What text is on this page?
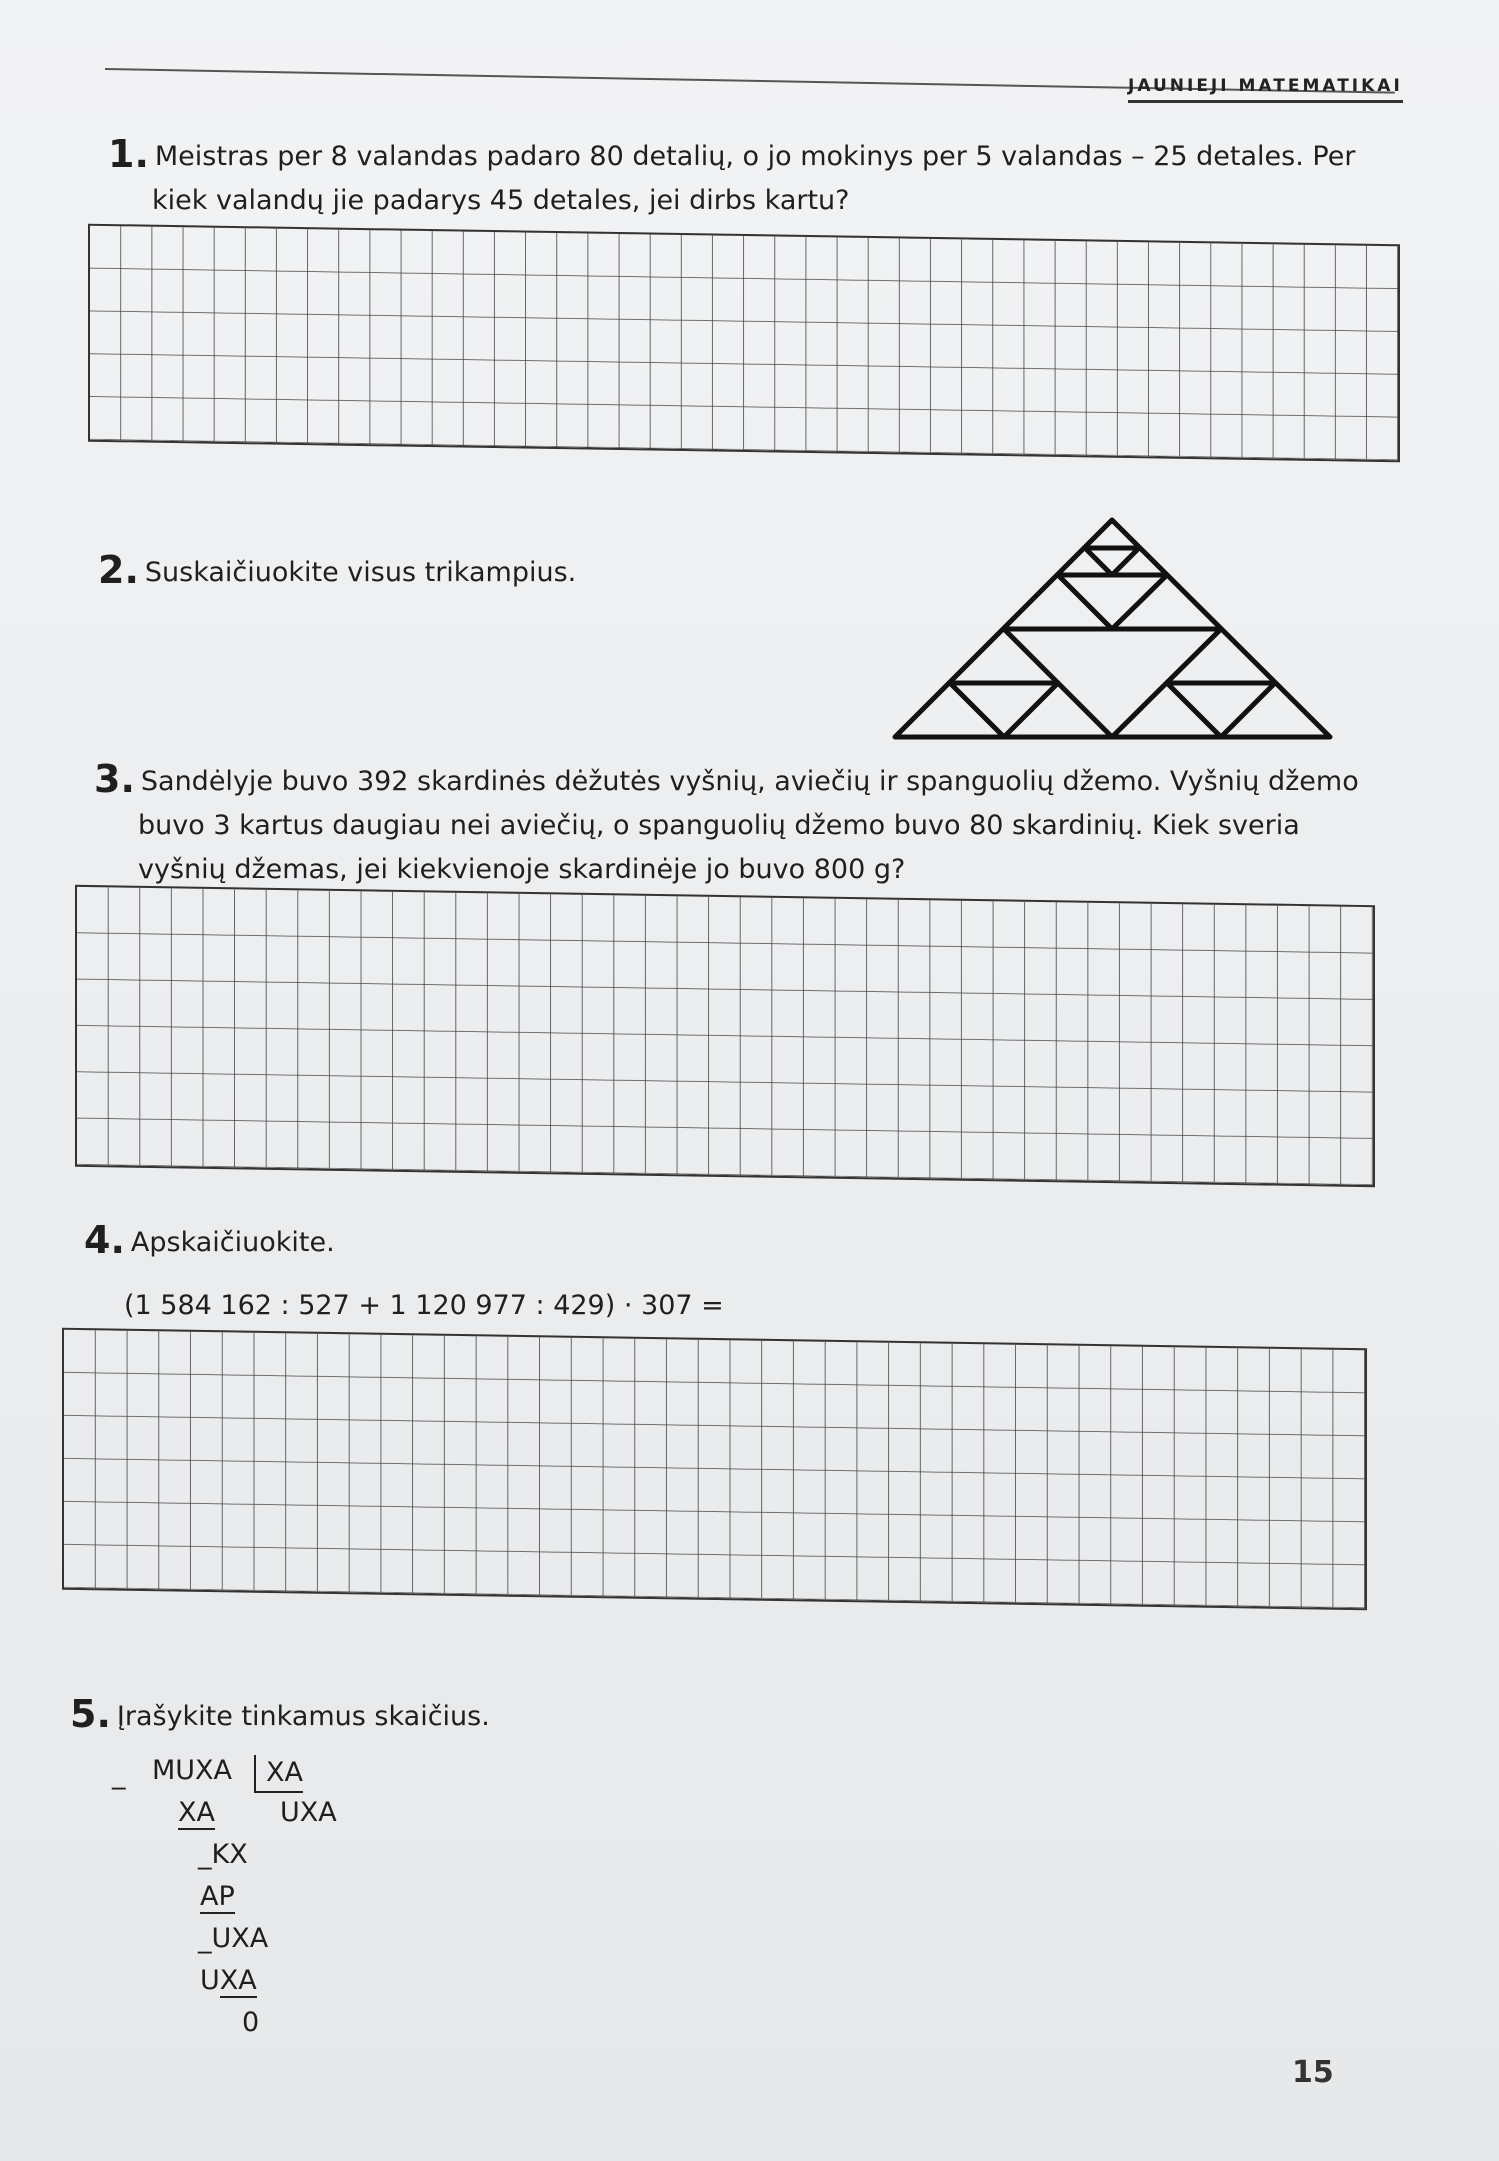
JAUNIEJI MATEMATIKAI
1. Meistras per 8 valandas padaro 80 detalių, o jo mokinys per 5 valandas – 25 detales. Per
kiek valandų jie padarys 45 detales, jei dirbs kartu?
2. Suskaičiuokite visus trikampius.
3. Sandėlyje buvo 392 skardinės dėžutės vyšnių, aviečių ir spanguolių džemo. Vyšnių džemo
buvo 3 kartus daugiau nei aviečių, o spanguolių džemo buvo 80 skardinių. Kiek sveria
vyšnių džemas, jei kiekvienoje skardinėje jo buvo 800 g?
4. Apskaičiuokite.
(1 584 162 : 527 + 1 120 977 : 429) · 307 =
5. Įrašykite tinkamus skaičius.
_ MUXA	XA
XA UXA
_KX
AP
_UXA
UXA
0
15
